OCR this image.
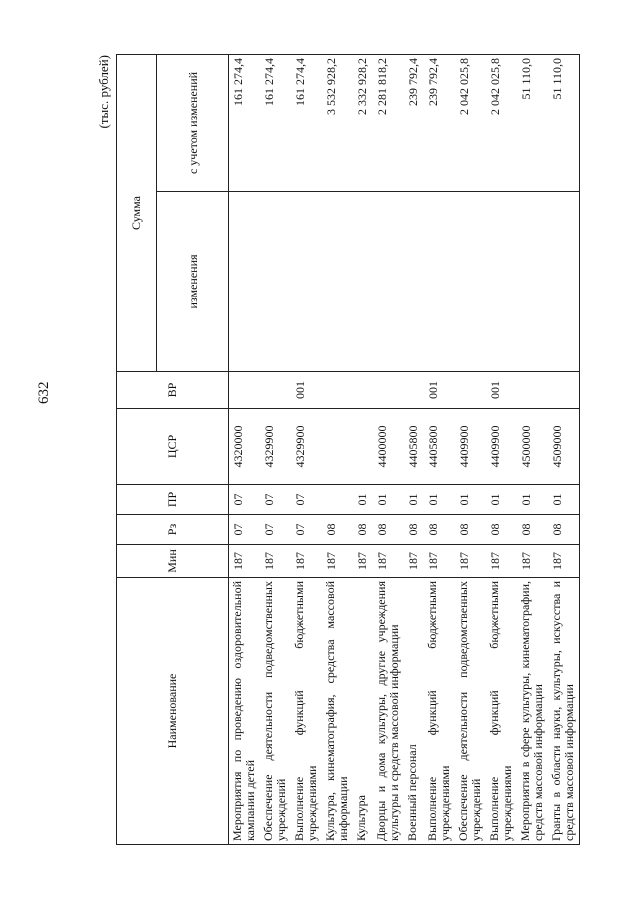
632
(тыс. рублей)
Наименование	Мин	Рз	ПР	ЦСР	ВР	Сумма	
						изменения	с учетом изменений
Мероприятия по проведению оздоровительной кампании детей	187	07	07	4320000			161 274,4
Обеспечение деятельности подведомственных учреждений	187	07	07	4329900			161 274,4
Выполнение функций бюджетными учреждениями	187	07	07	4329900	001		161 274,4
Культура, кинематография, средства массовой информации	187	08					3 532 928,2
Культура	187	08	01				2 332 928,2
Дворцы и дома культуры, другие учреждения культуры и средств массовой информации	187	08	01	4400000			2 281 818,2
Военный персонал	187	08	01	4405800			239 792,4
Выполнение функций бюджетными учреждениями	187	08	01	4405800	001		239 792,4
Обеспечение деятельности подведомственных учреждений	187	08	01	4409900			2 042 025,8
Выполнение функций бюджетными учреждениями	187	08	01	4409900	001		2 042 025,8
Мероприятия в сфере культуры, кинематографии, средств массовой информации	187	08	01	4500000			51 110,0
Гранты в области науки, культуры, искусства и средств массовой информации	187	08	01	4509000			51 110,0
